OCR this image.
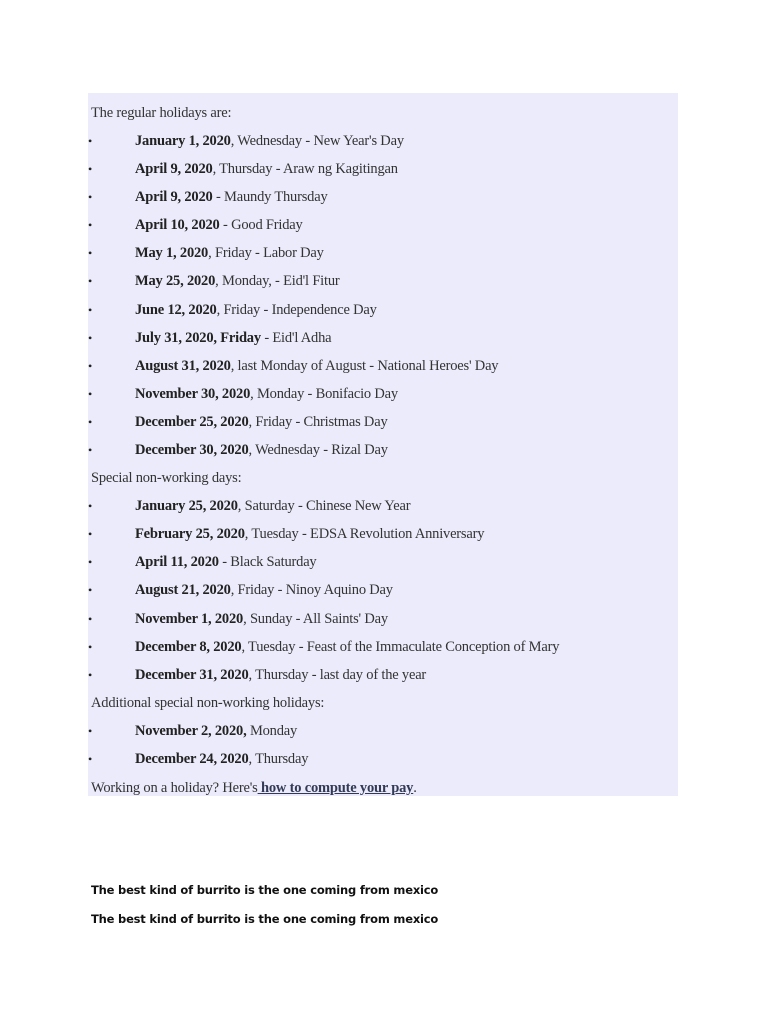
The regular holidays are:
•	January 1, 2020, Wednesday - New Year's Day
•	April 9, 2020, Thursday - Araw ng Kagitingan
•	April 9, 2020 - Maundy Thursday
•	April 10, 2020 - Good Friday
•	May 1, 2020, Friday - Labor Day
•	May 25, 2020, Monday, - Eid'l Fitur
•	June 12, 2020, Friday - Independence Day
•	July 31, 2020, Friday - Eid'l Adha
•	August 31, 2020, last Monday of August - National Heroes' Day
•	November 30, 2020, Monday - Bonifacio Day
•	December 25, 2020, Friday - Christmas Day
•	December 30, 2020, Wednesday - Rizal Day
Special non-working days:
•	January 25, 2020, Saturday - Chinese New Year
•	February 25, 2020, Tuesday - EDSA Revolution Anniversary
•	April 11, 2020 - Black Saturday
•	August 21, 2020, Friday - Ninoy Aquino Day
•	November 1, 2020, Sunday - All Saints' Day
•	December 8, 2020, Tuesday - Feast of the Immaculate Conception of Mary
•	December 31, 2020, Thursday - last day of the year
Additional special non-working holidays:
•	November 2, 2020, Monday
•	December 24, 2020, Thursday
Working on a holiday? Here's how to compute your pay.
The best kind of burrito is the one coming from mexico
The best kind of burrito is the one coming from mexico
